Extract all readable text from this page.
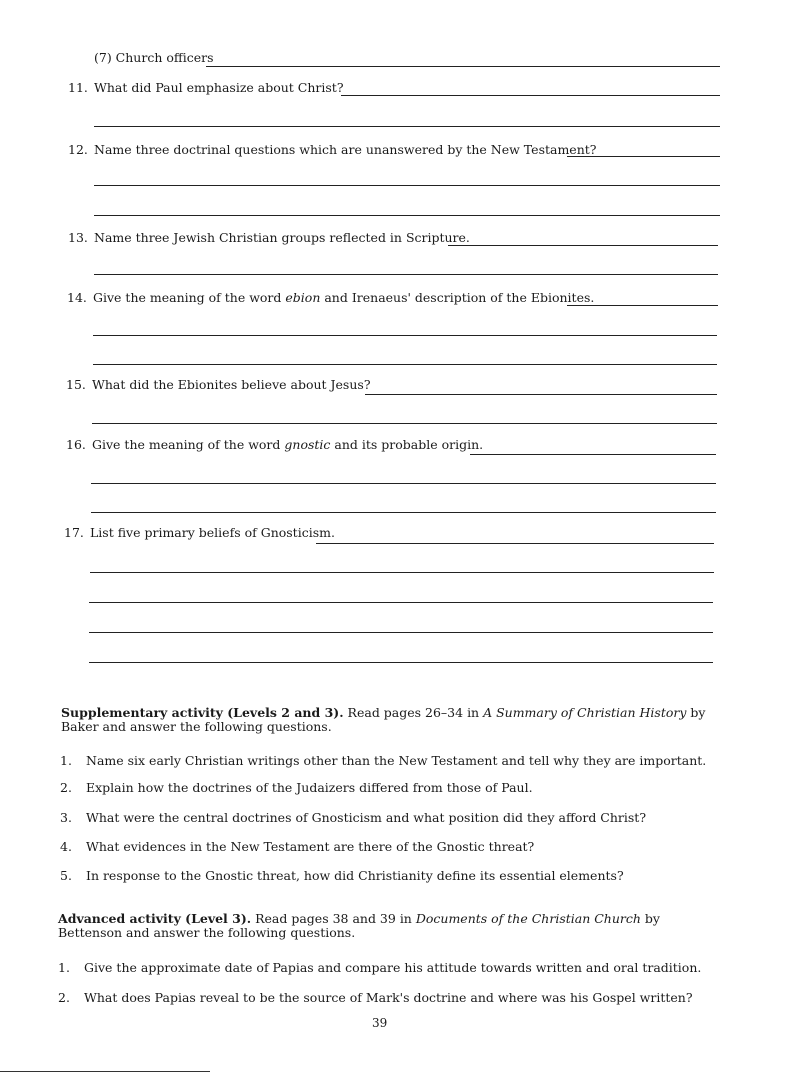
(7) Church officers
11. What did Paul emphasize about Christ?
12. Name three doctrinal questions which are unanswered by the New Testament?
13. Name three Jewish Christian groups reflected in Scripture.
14. Give the meaning of the word ebion and Irenaeus' description of the Ebionites.
15. What did the Ebionites believe about Jesus?
16. Give the meaning of the word gnostic and its probable origin.
17. List five primary beliefs of Gnosticism.
Supplementary activity (Levels 2 and 3). Read pages 26–34 in A Summary of Christian History by Baker and answer the following questions.
1. Name six early Christian writings other than the New Testament and tell why they are important.
2. Explain how the doctrines of the Judaizers differed from those of Paul.
3. What were the central doctrines of Gnosticism and what position did they afford Christ?
4. What evidences in the New Testament are there of the Gnostic threat?
5. In response to the Gnostic threat, how did Christianity define its essential elements?
Advanced activity (Level 3). Read pages 38 and 39 in Documents of the Christian Church by Bettenson and answer the following questions.
1. Give the approximate date of Papias and compare his attitude towards written and oral tradition.
2. What does Papias reveal to be the source of Mark's doctrine and where was his Gospel written?
39
